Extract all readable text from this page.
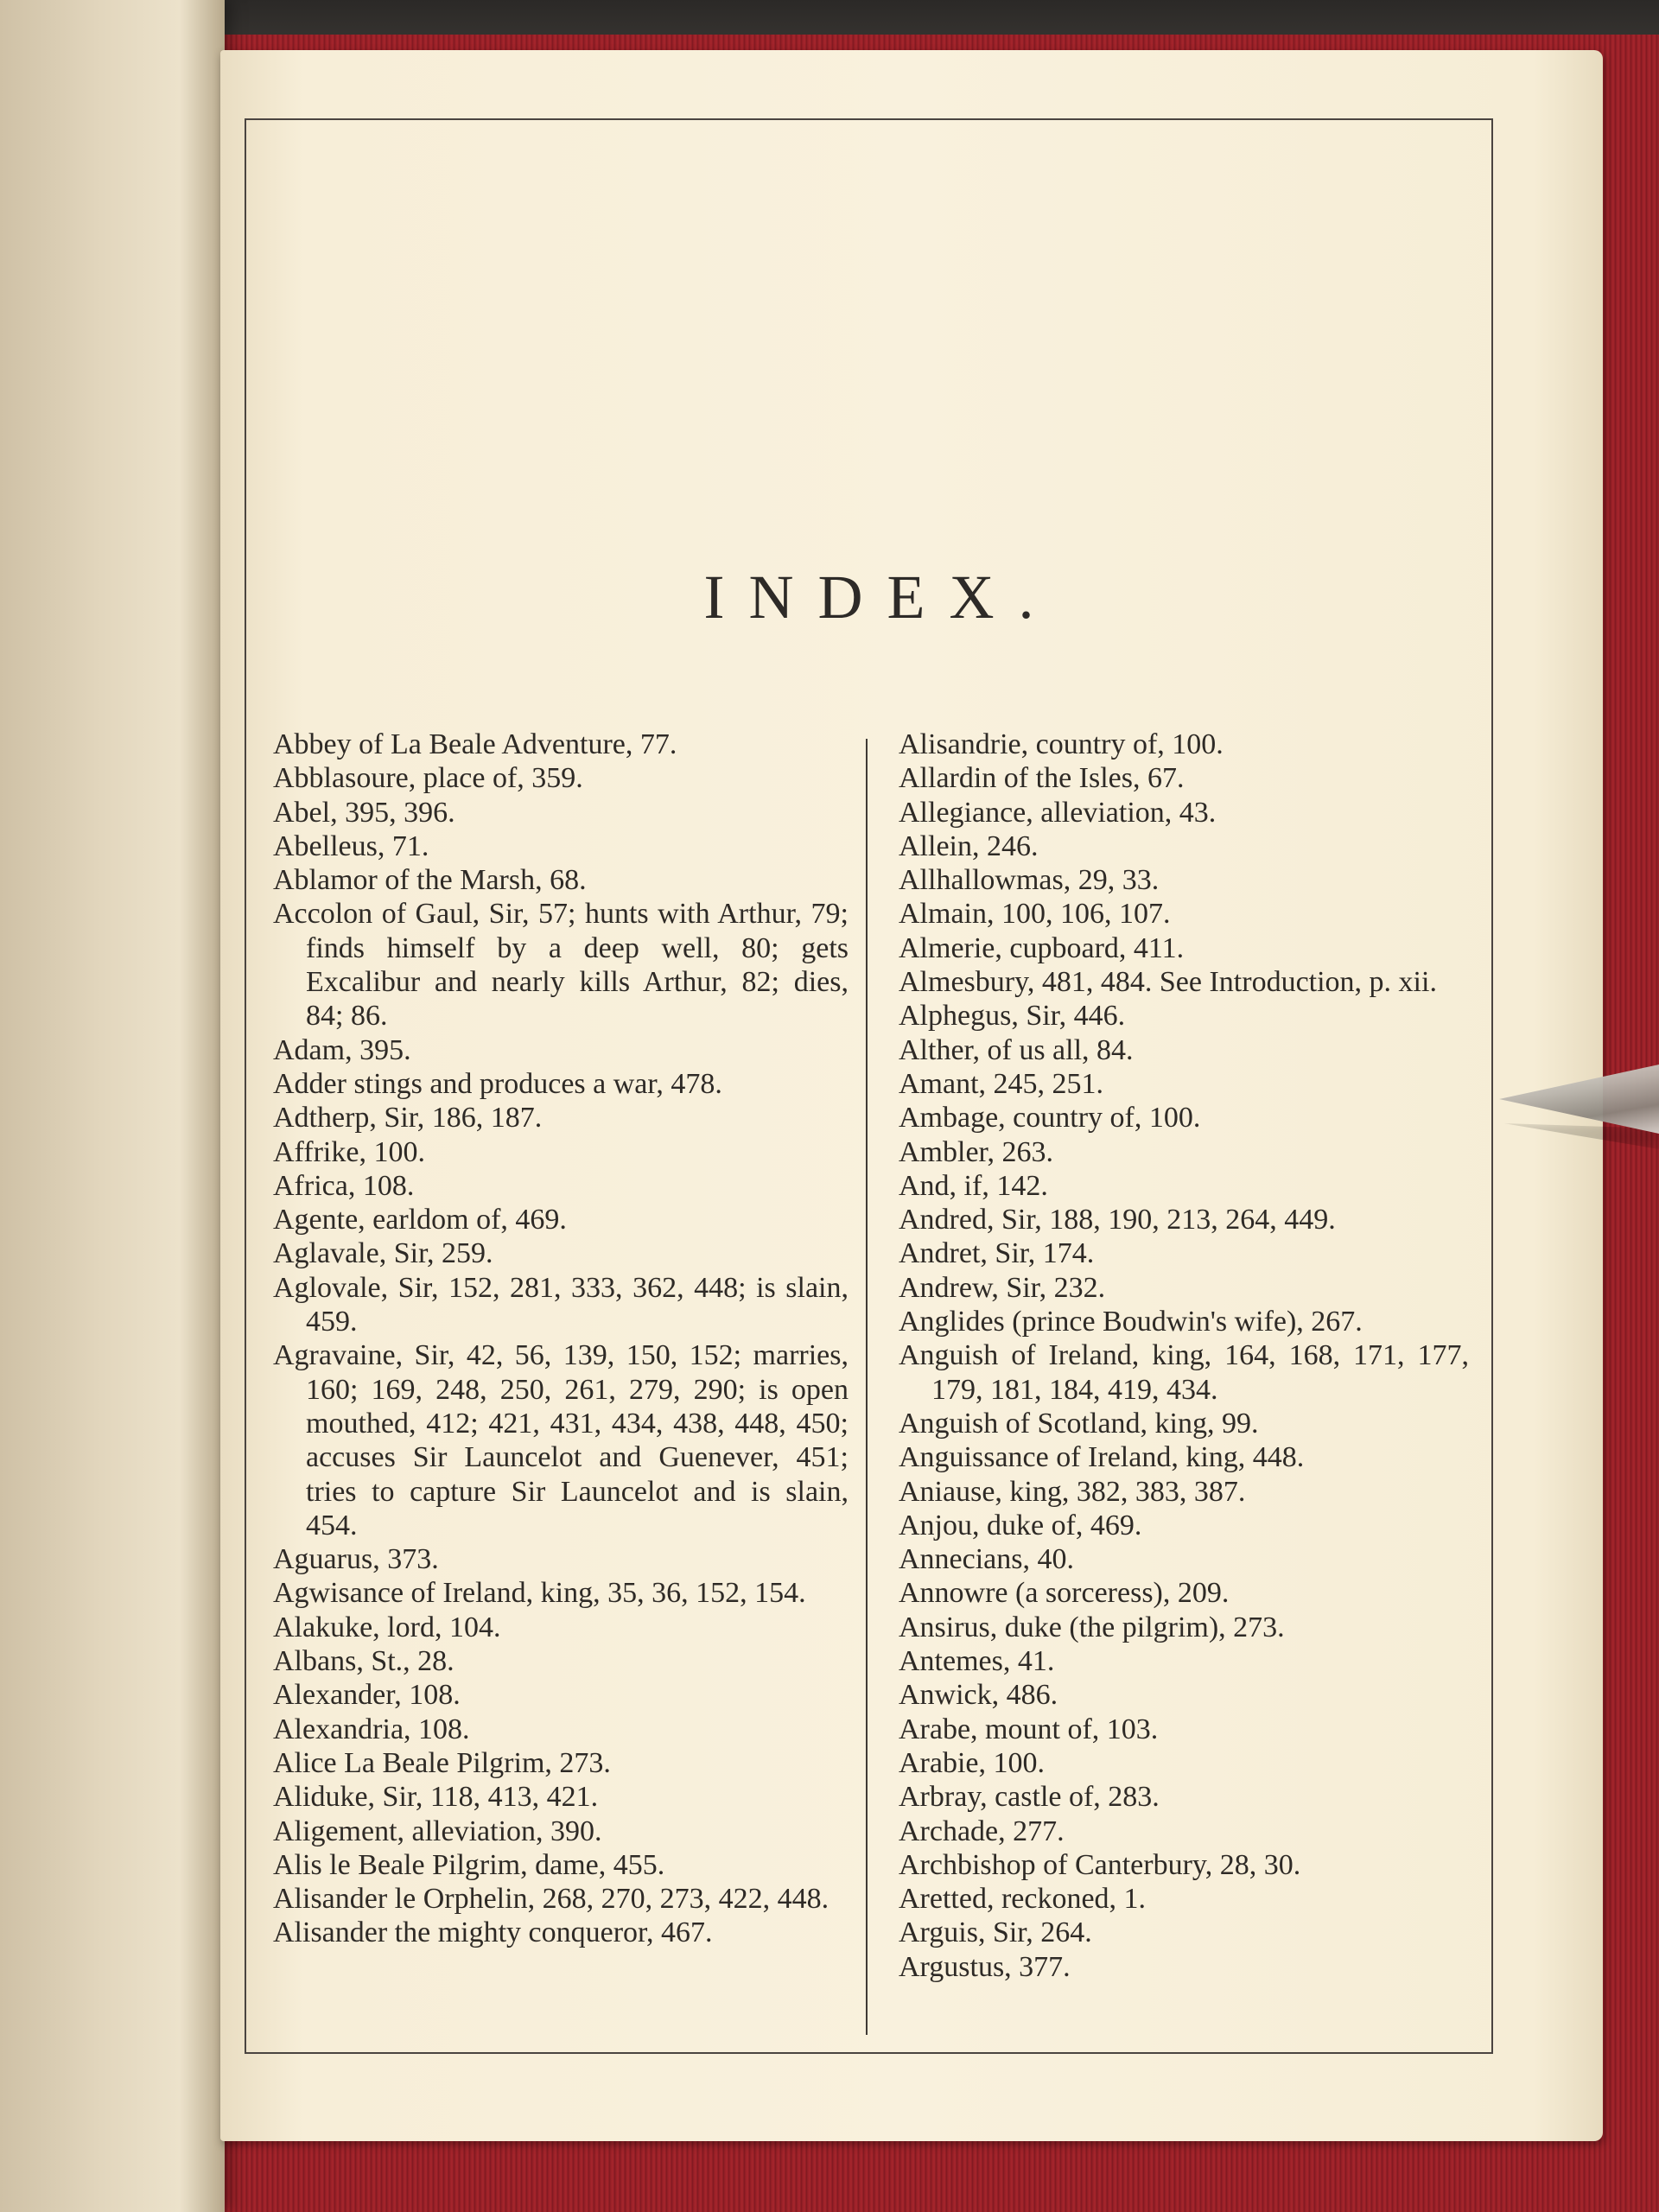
INDEX.
Abbey of La Beale Adventure, 77.
Abblasoure, place of, 359.
Abel, 395, 396.
Abelleus, 71.
Ablamor of the Marsh, 68.
Accolon of Gaul, Sir, 57; hunts with Arthur, 79; finds himself by a deep well, 80; gets Excalibur and nearly kills Arthur, 82; dies, 84; 86.
Adam, 395.
Adder stings and produces a war, 478.
Adtherp, Sir, 186, 187.
Affrike, 100.
Africa, 108.
Agente, earldom of, 469.
Aglavale, Sir, 259.
Aglovale, Sir, 152, 281, 333, 362, 448; is slain, 459.
Agravaine, Sir, 42, 56, 139, 150, 152; marries, 160; 169, 248, 250, 261, 279, 290; is open mouthed, 412; 421, 431, 434, 438, 448, 450; accuses Sir Launcelot and Guenever, 451; tries to capture Sir Launcelot and is slain, 454.
Aguarus, 373.
Agwisance of Ireland, king, 35, 36, 152, 154.
Alakuke, lord, 104.
Albans, St., 28.
Alexander, 108.
Alexandria, 108.
Alice La Beale Pilgrim, 273.
Aliduke, Sir, 118, 413, 421.
Aligement, alleviation, 390.
Alis le Beale Pilgrim, dame, 455.
Alisander le Orphelin, 268, 270, 273, 422, 448.
Alisander the mighty conqueror, 467.
Alisandrie, country of, 100.
Allardin of the Isles, 67.
Allegiance, alleviation, 43.
Allein, 246.
Allhallowmas, 29, 33.
Almain, 100, 106, 107.
Almerie, cupboard, 411.
Almesbury, 481, 484. See Introduction, p. xii.
Alphegus, Sir, 446.
Alther, of us all, 84.
Amant, 245, 251.
Ambage, country of, 100.
Ambler, 263.
And, if, 142.
Andred, Sir, 188, 190, 213, 264, 449.
Andret, Sir, 174.
Andrew, Sir, 232.
Anglides (prince Boudwin's wife), 267.
Anguish of Ireland, king, 164, 168, 171, 177, 179, 181, 184, 419, 434.
Anguish of Scotland, king, 99.
Anguissance of Ireland, king, 448.
Aniause, king, 382, 383, 387.
Anjou, duke of, 469.
Annecians, 40.
Annowre (a sorceress), 209.
Ansirus, duke (the pilgrim), 273.
Antemes, 41.
Anwick, 486.
Arabe, mount of, 103.
Arabie, 100.
Arbray, castle of, 283.
Archade, 277.
Archbishop of Canterbury, 28, 30.
Aretted, reckoned, 1.
Arguis, Sir, 264.
Argustus, 377.
